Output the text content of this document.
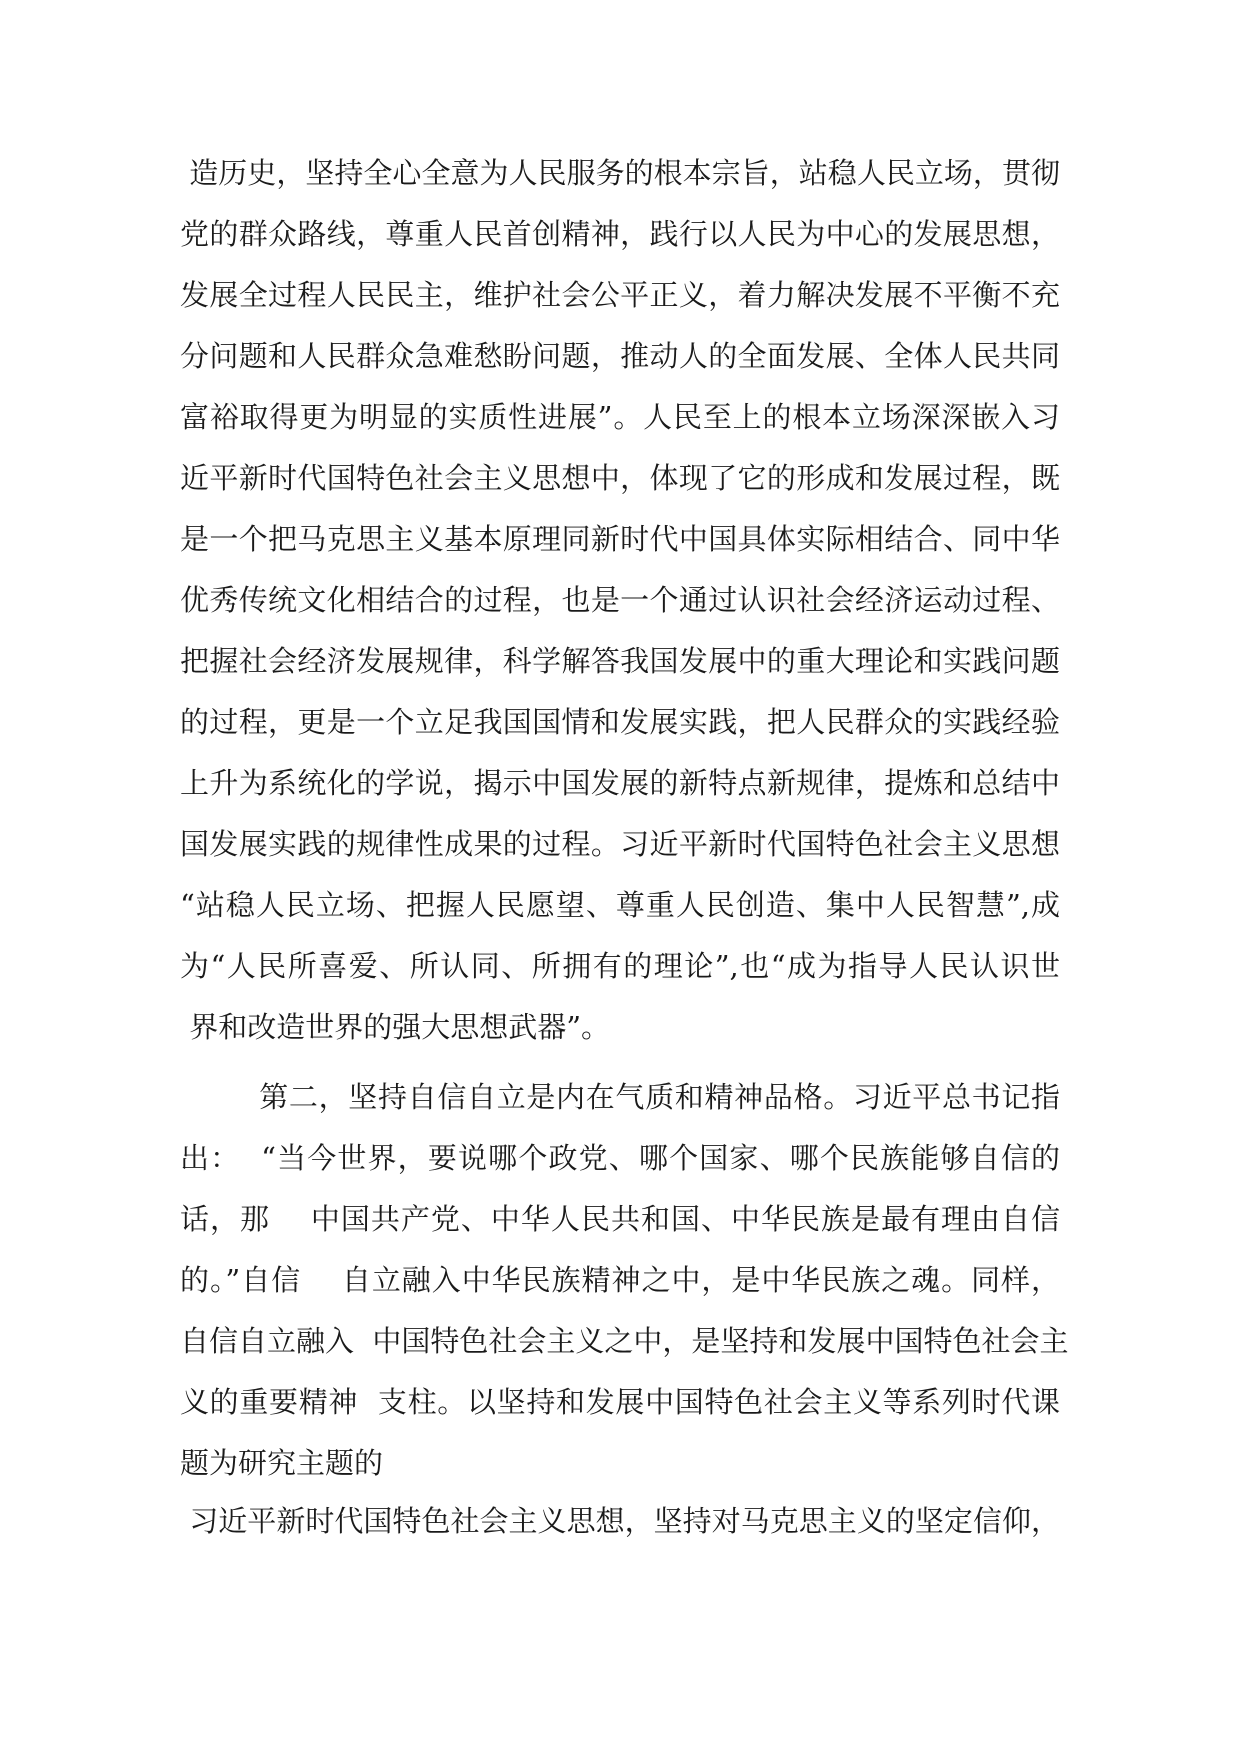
造历史，坚持全心全意为人民服务的根本宗旨，站稳人民立场，贯彻

党的群众路线，尊重人民首创精神，践行以人民为中心的发展思想，

发展全过程人民民主，维护社会公平正义，着力解决发展不平衡不充

分问题和人民群众急难愁盼问题，推动人的全面发展、全体人民共同

富裕取得更为明显的实质性进展”。人民至上的根本立场深深嵌入习

近平新时代国特色社会主义思想中，体现了它的形成和发展过程，既

是一个把马克思主义基本原理同新时代中国具体实际相结合、同中华

优秀传统文化相结合的过程，也是一个通过认识社会经济运动过程、

把握社会经济发展规律，科学解答我国发展中的重大理论和实践问题

的过程，更是一个立足我国国情和发展实践，把人民群众的实践经验

上升为系统化的学说，揭示中国发展的新特点新规律，提炼和总结中

国发展实践的规律性成果的过程。习近平新时代国特色社会主义思想

“站稳人民立场、把握人民愿望、尊重人民创造、集中人民智慧”,成

为“人民所喜爱、所认同、所拥有的理论”,也“成为指导人民认识世

界和改造世界的强大思想武器”。

第二，坚持自信自立是内在气质和精神品格。习近平总书记指

出：  “当今世界，要说哪个政党、哪个国家、哪个民族能够自信的

话，那    中国共产党、中华人民共和国、中华民族是最有理由自信

的。”自信    自立融入中华民族精神之中，是中华民族之魂。同样，

自信自立融入  中国特色社会主义之中，是坚持和发展中国特色社会主

义的重要精神  支柱。以坚持和发展中国特色社会主义等系列时代课

题为研究主题的

习近平新时代国特色社会主义思想，坚持对马克思主义的坚定信仰，
